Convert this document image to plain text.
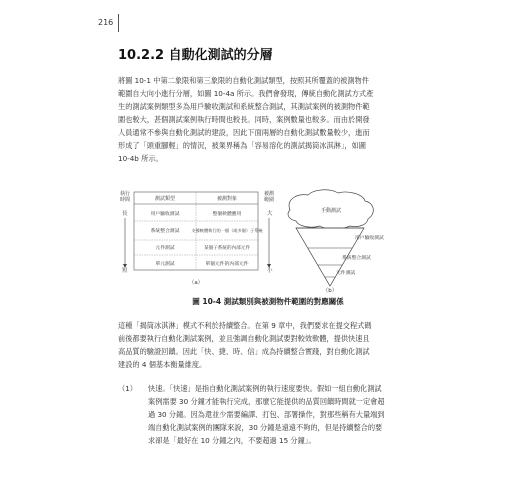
216
10.2.2 自動化測試的分層
將圖 10-1 中第二象限和第三象限的自動化測試類型，按照其所覆蓋的被測物件
範圍自大向小進行分層，如圖 10-4a 所示。我們會發現，傳統自動化測試方式產
生的測試案例類型多為用戶驗收測試和系統整合測試，其測試案例的被測物件範
圍也較大，甚個測試案例執行時間也較長。同時，案例數量也較多。而由於開發
人員通常不參與自動化測試的建設，因此下面兩層的自動化測試數量較少，進而
形成了「頭重腳輕」的情況，被業界稱為「容易溶化的測試揭筒冰淇淋」，如圖
10-4b 所示。
執行
時間
長
短
被測
範圍
大
小
測試類型	被測對象
用戶驗收測試	整個軟體應用
系統整合測試	支撐軟體執行的一個（或多個）子系統
元件測試	某個子系統的內部元件
單元測試	單個元件的內部元件
（a）
手動測試
用戶驗收測試
系統整合測試
元件測試
（b）
圖 10-4 測試類別與被測物件範圍的對應關係
這種「揭筒冰淇淋」模式不利於持續整合。在第 9 章中，我們要求在提交程式碼
前後都要執行自動化測試案例，並且強調自動化測試要對較效軟體，提供快速且
高品質的驗證回饋。因此「快、捷、時、信」成為持續整合實踐，對自動化測試
建設的 4 個基本衡量維度。
（1） 快速。「快速」是指自動化測試案例的執行速度要快。假如一組自動化測試
案例需要 30 分鐘才能執行完成，那麼它能提供的品質回饋時間就一定會超
過 30 分鐘。因為還並少需要編譯、打包、部署操作，對那些稱有大量端到
端自動化測試案例的團隊來說，30 分鐘是遠遠不夠的，但是持續整合的要
求卻是「最好在 10 分鐘之內，不要超過 15 分鐘」。
